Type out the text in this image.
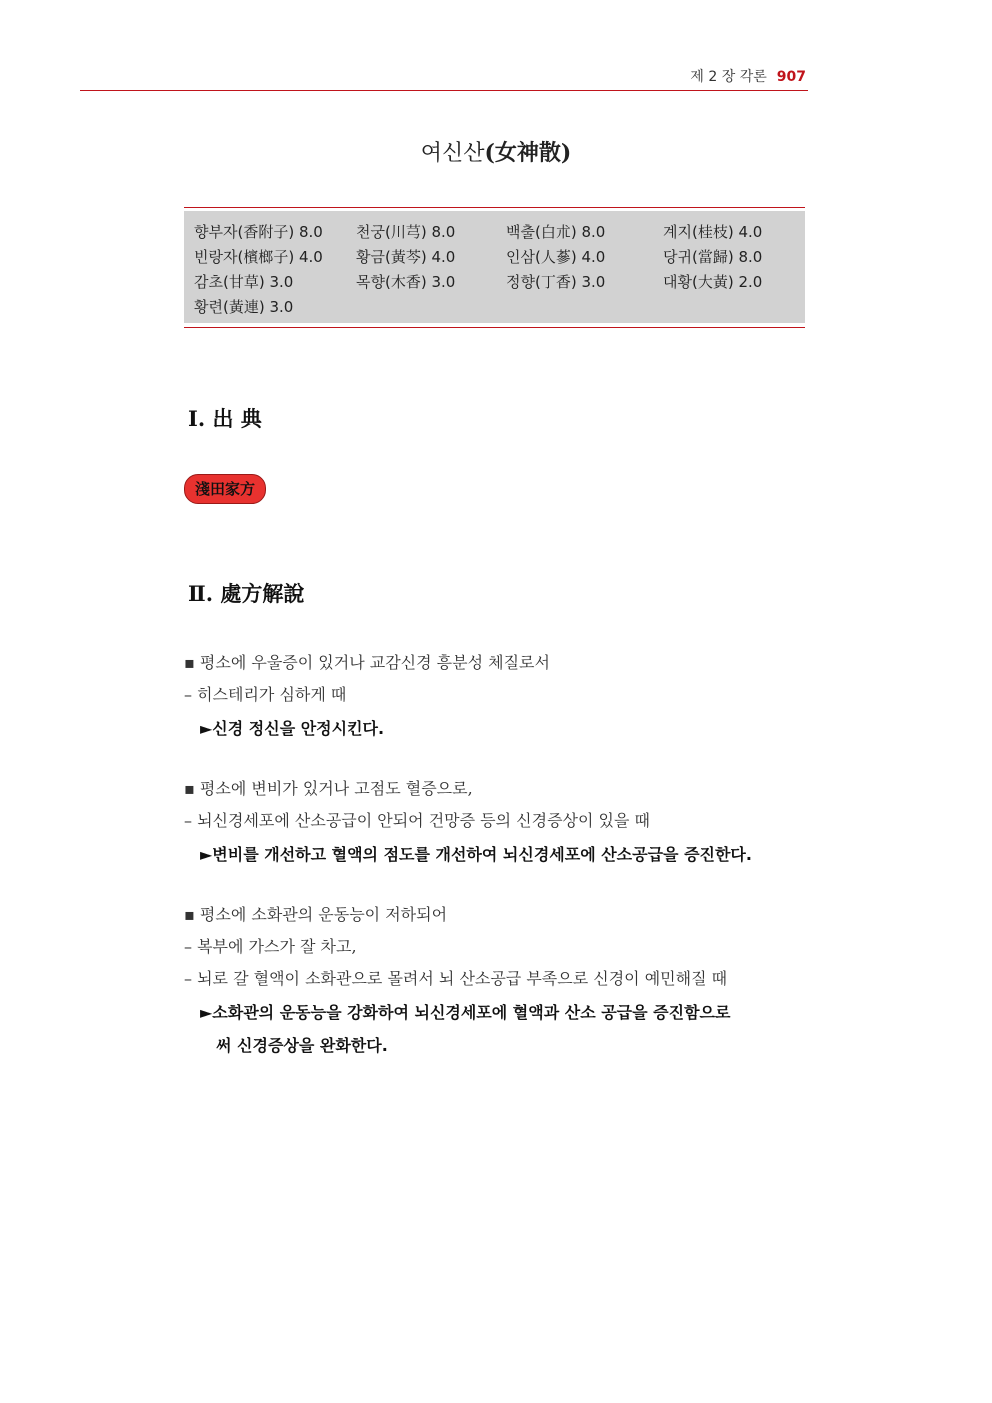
제 2 장 각론 907
여신산(女神散)
향부자(香附子) 8.0 천궁(川芎) 8.0	백출(白朮) 8.0	계지(桂枝) 4.0
빈랑자(檳榔子) 4.0 황금(黃芩) 4.0	인삼(人蔘) 4.0	당귀(當歸) 8.0
감초(甘草) 3.0	목향(木香) 3.0	정향(丁香) 3.0	대황(大黃) 2.0
황련(黃連) 3.0
Ⅰ. 出 典
淺田家方
Ⅱ. 處方解說
▪ 평소에 우울증이 있거나 교감신경 흥분성 체질로서
– 히스테리가 심하게 때
►신경 정신을 안정시킨다.
▪ 평소에 변비가 있거나 고점도 혈증으로,
– 뇌신경세포에 산소공급이 안되어 건망증 등의 신경증상이 있을 때
►변비를 개선하고 혈액의 점도를 개선하여 뇌신경세포에 산소공급을 증진한다.
▪ 평소에 소화관의 운동능이 저하되어
– 복부에 가스가 잘 차고,
– 뇌로 갈 혈액이 소화관으로 몰려서 뇌 산소공급 부족으로 신경이 예민해질 때
►소화관의 운동능을 강화하여 뇌신경세포에 혈액과 산소 공급을 증진함으로
써 신경증상을 완화한다.
